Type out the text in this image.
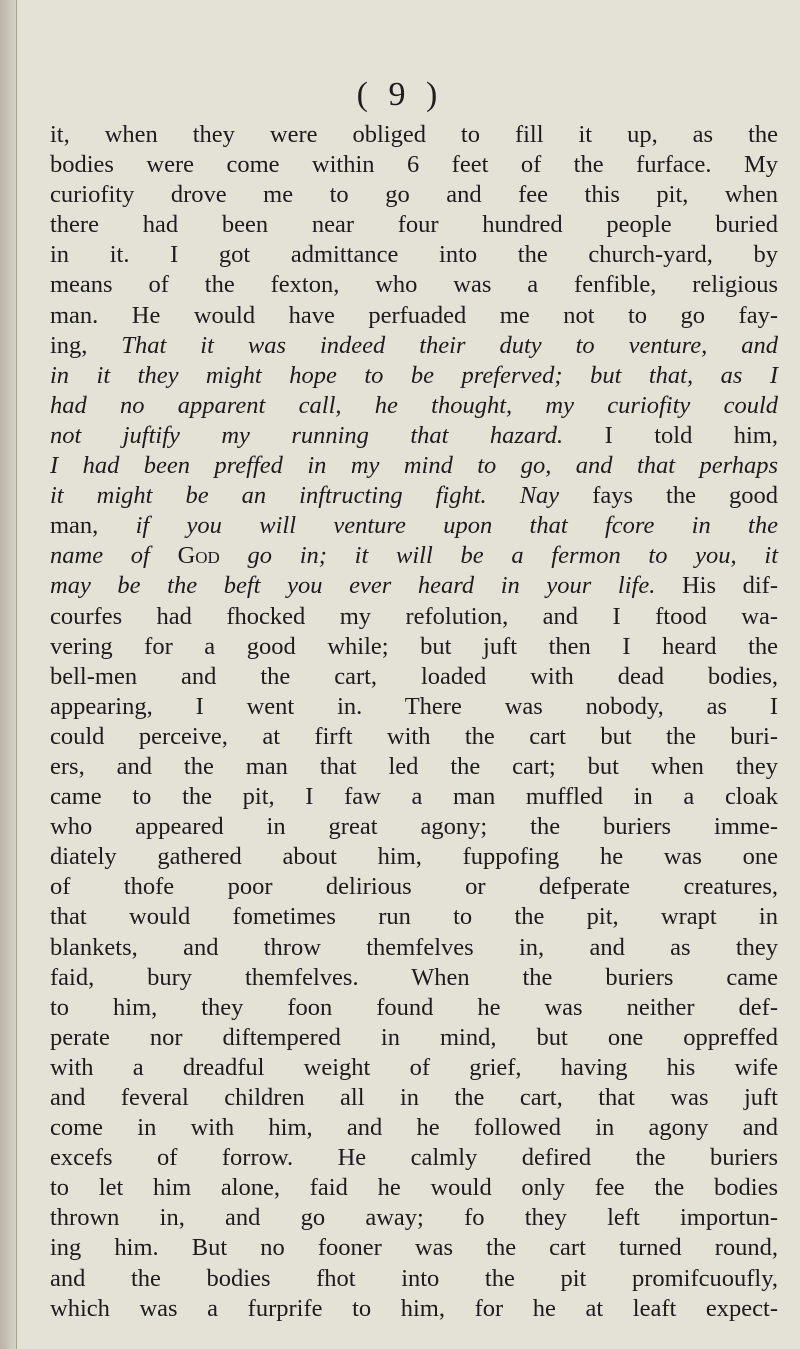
( 9 )
it, when they were obliged to fill it up, as the
bodies were come within 6 feet of the furface. My
curiofity drove me to go and fee this pit, when
there had been near four hundred people buried
in it. I got admittance into the church-yard, by
means of the fexton, who was a fenfible, religious
man. He would have perfuaded me not to go fay-
ing, That it was indeed their duty to venture, and
in it they might hope to be preferved; but that, as I
had no apparent call, he thought, my curiofity could
not juftify my running that hazard. I told him,
I had been preffed in my mind to go, and that perhaps
it might be an inftructing fight. Nay fays the good
man, if you will venture upon that fcore in the
name of God go in; it will be a fermon to you, it
may be the beft you ever heard in your life. His dif-
courfes had fhocked my refolution, and I ftood wa-
vering for a good while; but juft then I heard the
bell-men and the cart, loaded with dead bodies,
appearing, I went in. There was nobody, as I
could perceive, at firft with the cart but the buri-
ers, and the man that led the cart; but when they
came to the pit, I faw a man muffled in a cloak
who appeared in great agony; the buriers imme-
diately gathered about him, fuppofing he was one
of thofe poor delirious or defperate creatures,
that would fometimes run to the pit, wrapt in
blankets, and throw themfelves in, and as they
faid, bury themfelves. When the buriers came
to him, they foon found he was neither def-
perate nor diftempered in mind, but one oppreffed
with a dreadful weight of grief, having his wife
and feveral children all in the cart, that was juft
come in with him, and he followed in agony and
excefs of forrow. He calmly defired the buriers
to let him alone, faid he would only fee the bodies
thrown in, and go away; fo they left importun-
ing him. But no fooner was the cart turned round,
and the bodies fhot into the pit promifcuoufly,
which was a furprife to him, for he at leaft expect-
